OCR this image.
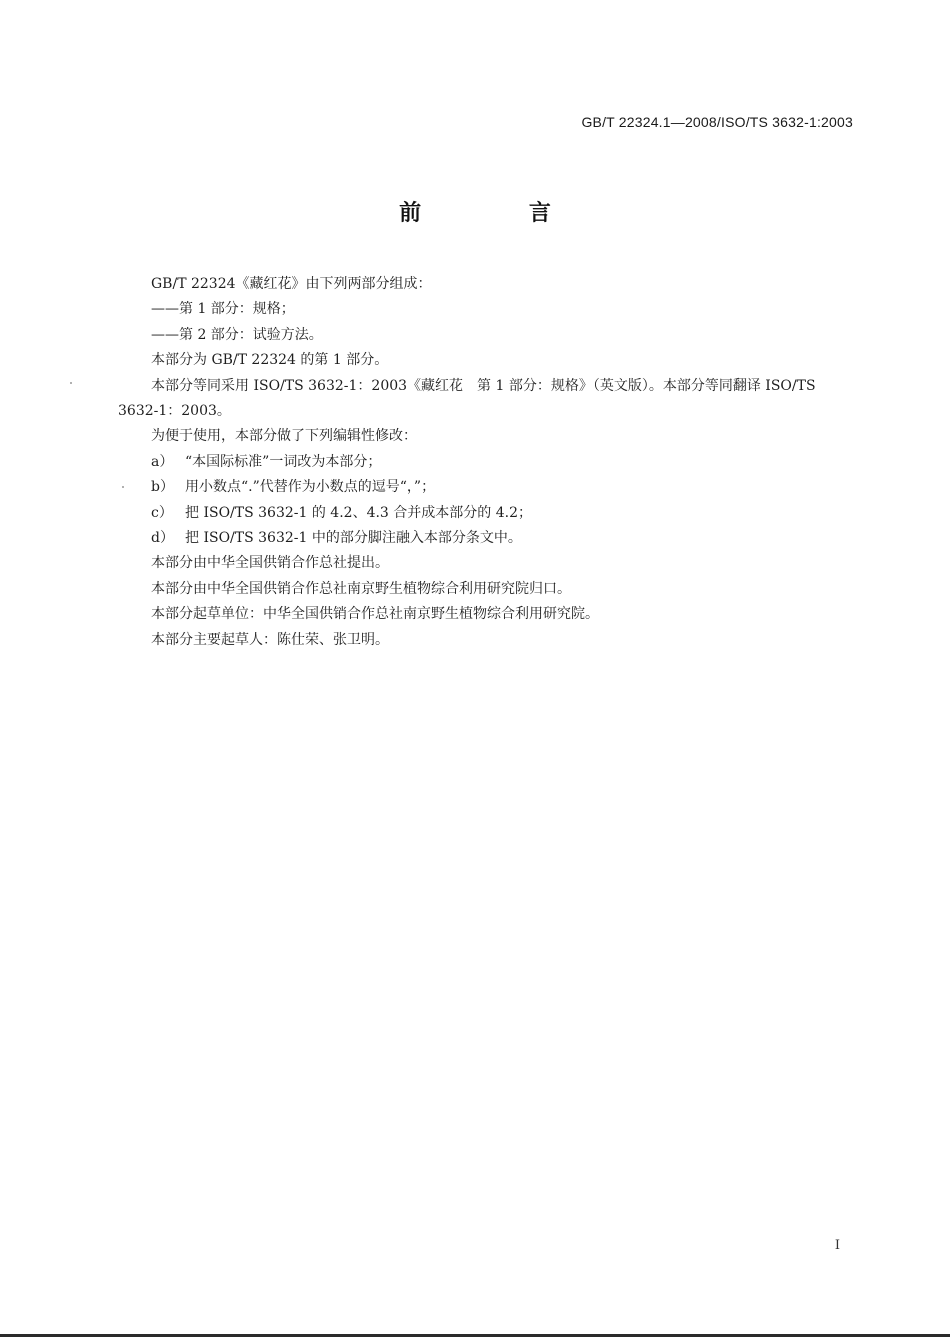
GB/T 22324.1—2008/ISO/TS 3632-1:2003
前 言

GB/T 22324《藏红花》由下列两部分组成：

——第 1 部分：规格；

——第 2 部分：试验方法。

本部分为 GB/T 22324 的第 1 部分。

本部分等同采用 ISO/TS 3632-1：2003《藏红花　第 1 部分：规格》（英文版）。本部分等同翻译 ISO/TS 3632-1：2003。

为便于使用，本部分做了下列编辑性修改：

a） “本国际标准”一词改为本部分；

b） 用小数点“.”代替作为小数点的逗号“，”；

c） 把 ISO/TS 3632-1 的 4.2、4.3 合并成本部分的 4.2；

d） 把 ISO/TS 3632-1 中的部分脚注融入本部分条文中。

本部分由中华全国供销合作总社提出。

本部分由中华全国供销合作总社南京野生植物综合利用研究院归口。

本部分起草单位：中华全国供销合作总社南京野生植物综合利用研究院。

本部分主要起草人：陈仕荣、张卫明。

I
